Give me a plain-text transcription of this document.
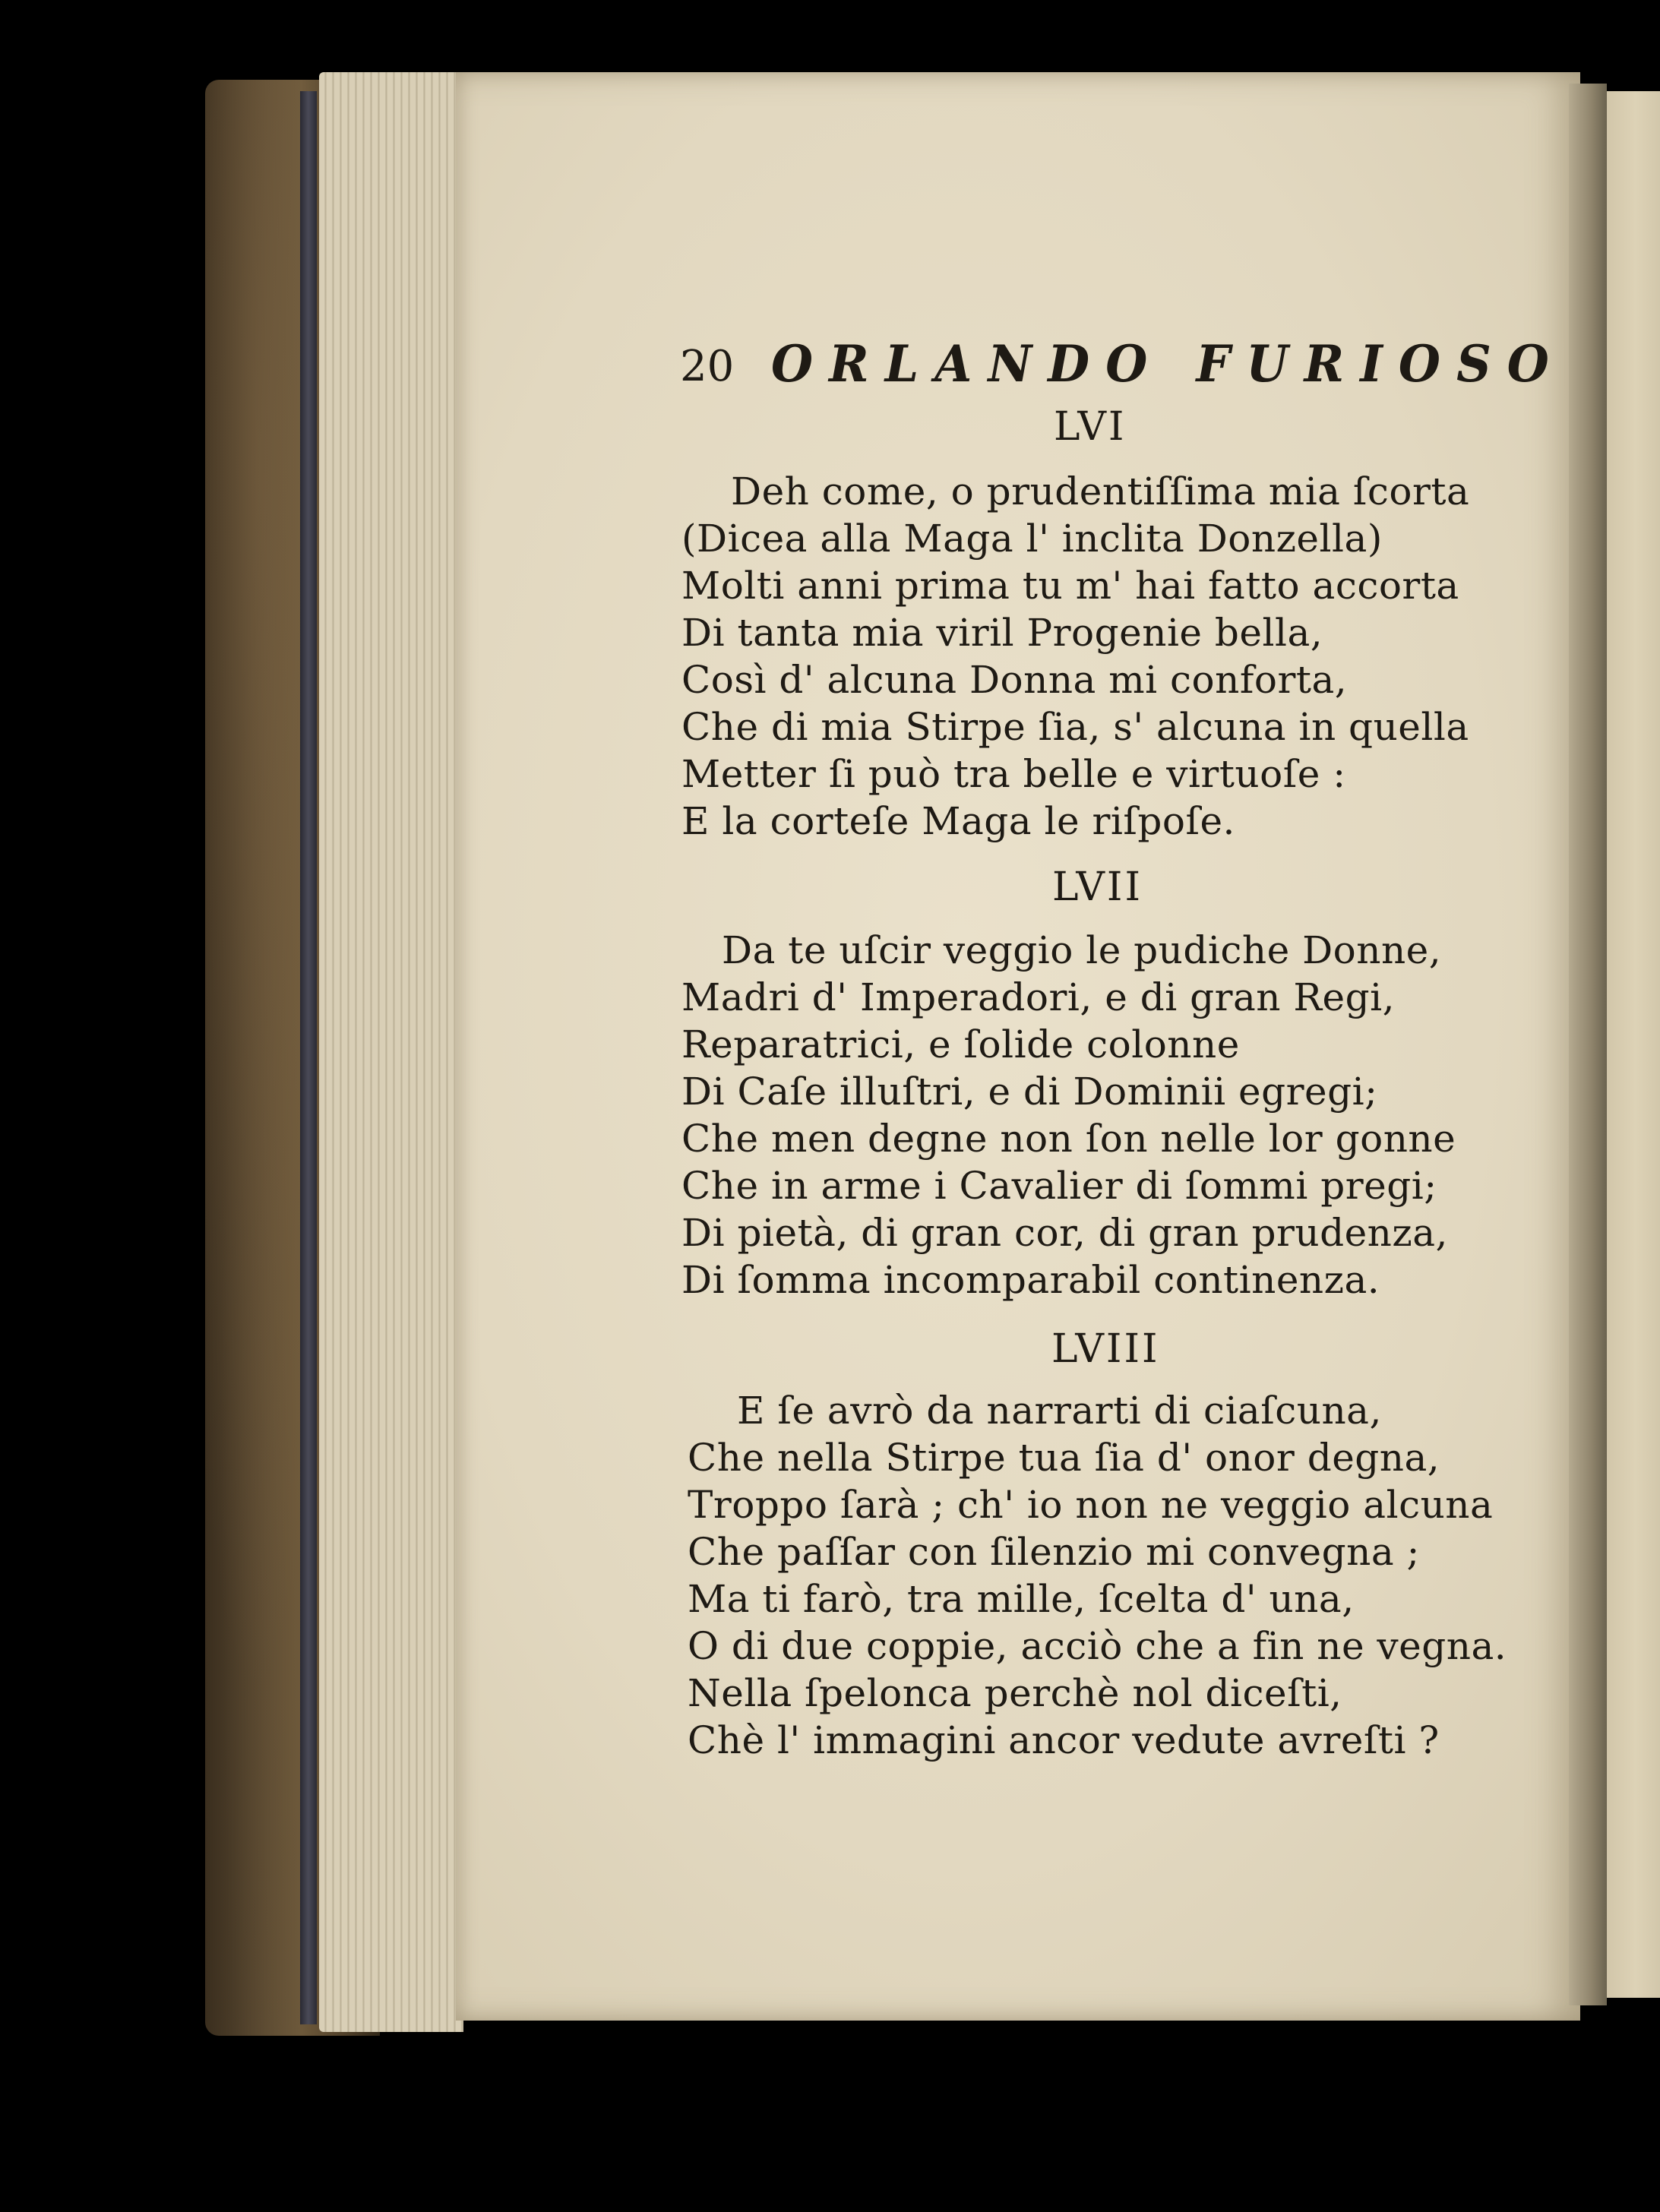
20 ORLANDO FURIOSO
LVI
Deh come, o prudentiſſima mia ſcorta
(Dicea alla Maga l' inclita Donzella)
Molti anni prima tu m' hai fatto accorta
Di tanta mia viril Progenie bella,
Così d' alcuna Donna mi conforta,
Che di mia Stirpe ſia, s' alcuna in quella
Metter ſi può tra belle e virtuoſe :
E la corteſe Maga le riſpoſe.
LVII
Da te uſcir veggio le pudiche Donne,
Madri d' Imperadori, e di gran Regi,
Reparatrici, e ſolide colonne
Di Caſe illuſtri, e di Dominii egregi;
Che men degne non ſon nelle lor gonne
Che in arme i Cavalier di ſommi pregi;
Di pietà, di gran cor, di gran prudenza,
Di ſomma incomparabil continenza.
LVIII
E ſe avrò da narrarti di ciaſcuna,
Che nella Stirpe tua ſia d' onor degna,
Troppo ſarà ; ch' io non ne veggio alcuna
Che paſſar con ſilenzio mi convegna ;
Ma ti farò, tra mille, ſcelta d' una,
O di due coppie, acciò che a fin ne vegna.
Nella ſpelonca perchè nol diceſti,
Chè l' immagini ancor vedute avreſti ?
